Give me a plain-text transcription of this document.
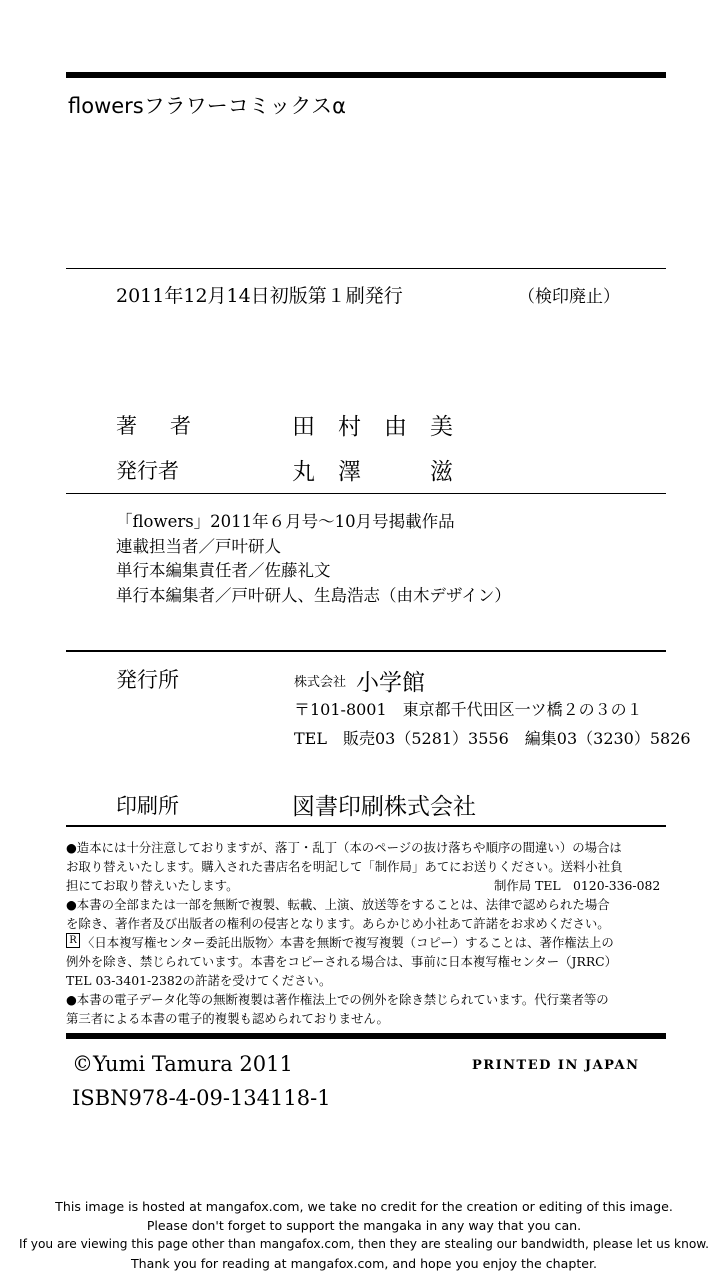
flowersフラワーコミックスα
2011年12月14日初版第１刷発行	（検印廃止）
著　者	田　村　由　美
発行者	丸　澤　　　滋
「flowers」2011年６月号〜10月号掲載作品
連載担当者／戸叶研人
単行本編集責任者／佐藤礼文
単行本編集者／戸叶研人、生島浩志（由木デザイン）
発行所	株式会社 小学館
〒101-8001　東京都千代田区一ツ橋２の３の１
TEL　販売03（5281）3556　編集03（3230）5826
印刷所	図書印刷株式会社
●造本には十分注意しておりますが、落丁・乱丁（本のページの抜け落ちや順序の間違い）の場合は
お取り替えいたします。購入された書店名を明記して「制作局」あてにお送りください。送料小社負
担にてお取り替えいたします。	制作局 TEL　0120-336-082
●本書の全部または一部を無断で複製、転載、上演、放送等をすることは、法律で認められた場合
を除き、著作者及び出版者の権利の侵害となります。あらかじめ小社あて許諾をお求めください。
R 〈日本複写権センター委託出版物〉本書を無断で複写複製（コピー）することは、著作権法上の
例外を除き、禁じられています。本書をコピーされる場合は、事前に日本複写権センター（JRRC）
TEL 03-3401-2382の許諾を受けてください。
●本書の電子データ化等の無断複製は著作権法上での例外を除き禁じられています。代行業者等の
第三者による本書の電子的複製も認められておりません。
©Yumi Tamura 2011	PRINTED IN JAPAN
ISBN978-4-09-134118-1
This image is hosted at mangafox.com, we take no credit for the creation or editing of this image.
Please don't forget to support the mangaka in any way that you can.
If you are viewing this page other than mangafox.com, then they are stealing our bandwidth, please let us know.
Thank you for reading at mangafox.com, and hope you enjoy the chapter.
